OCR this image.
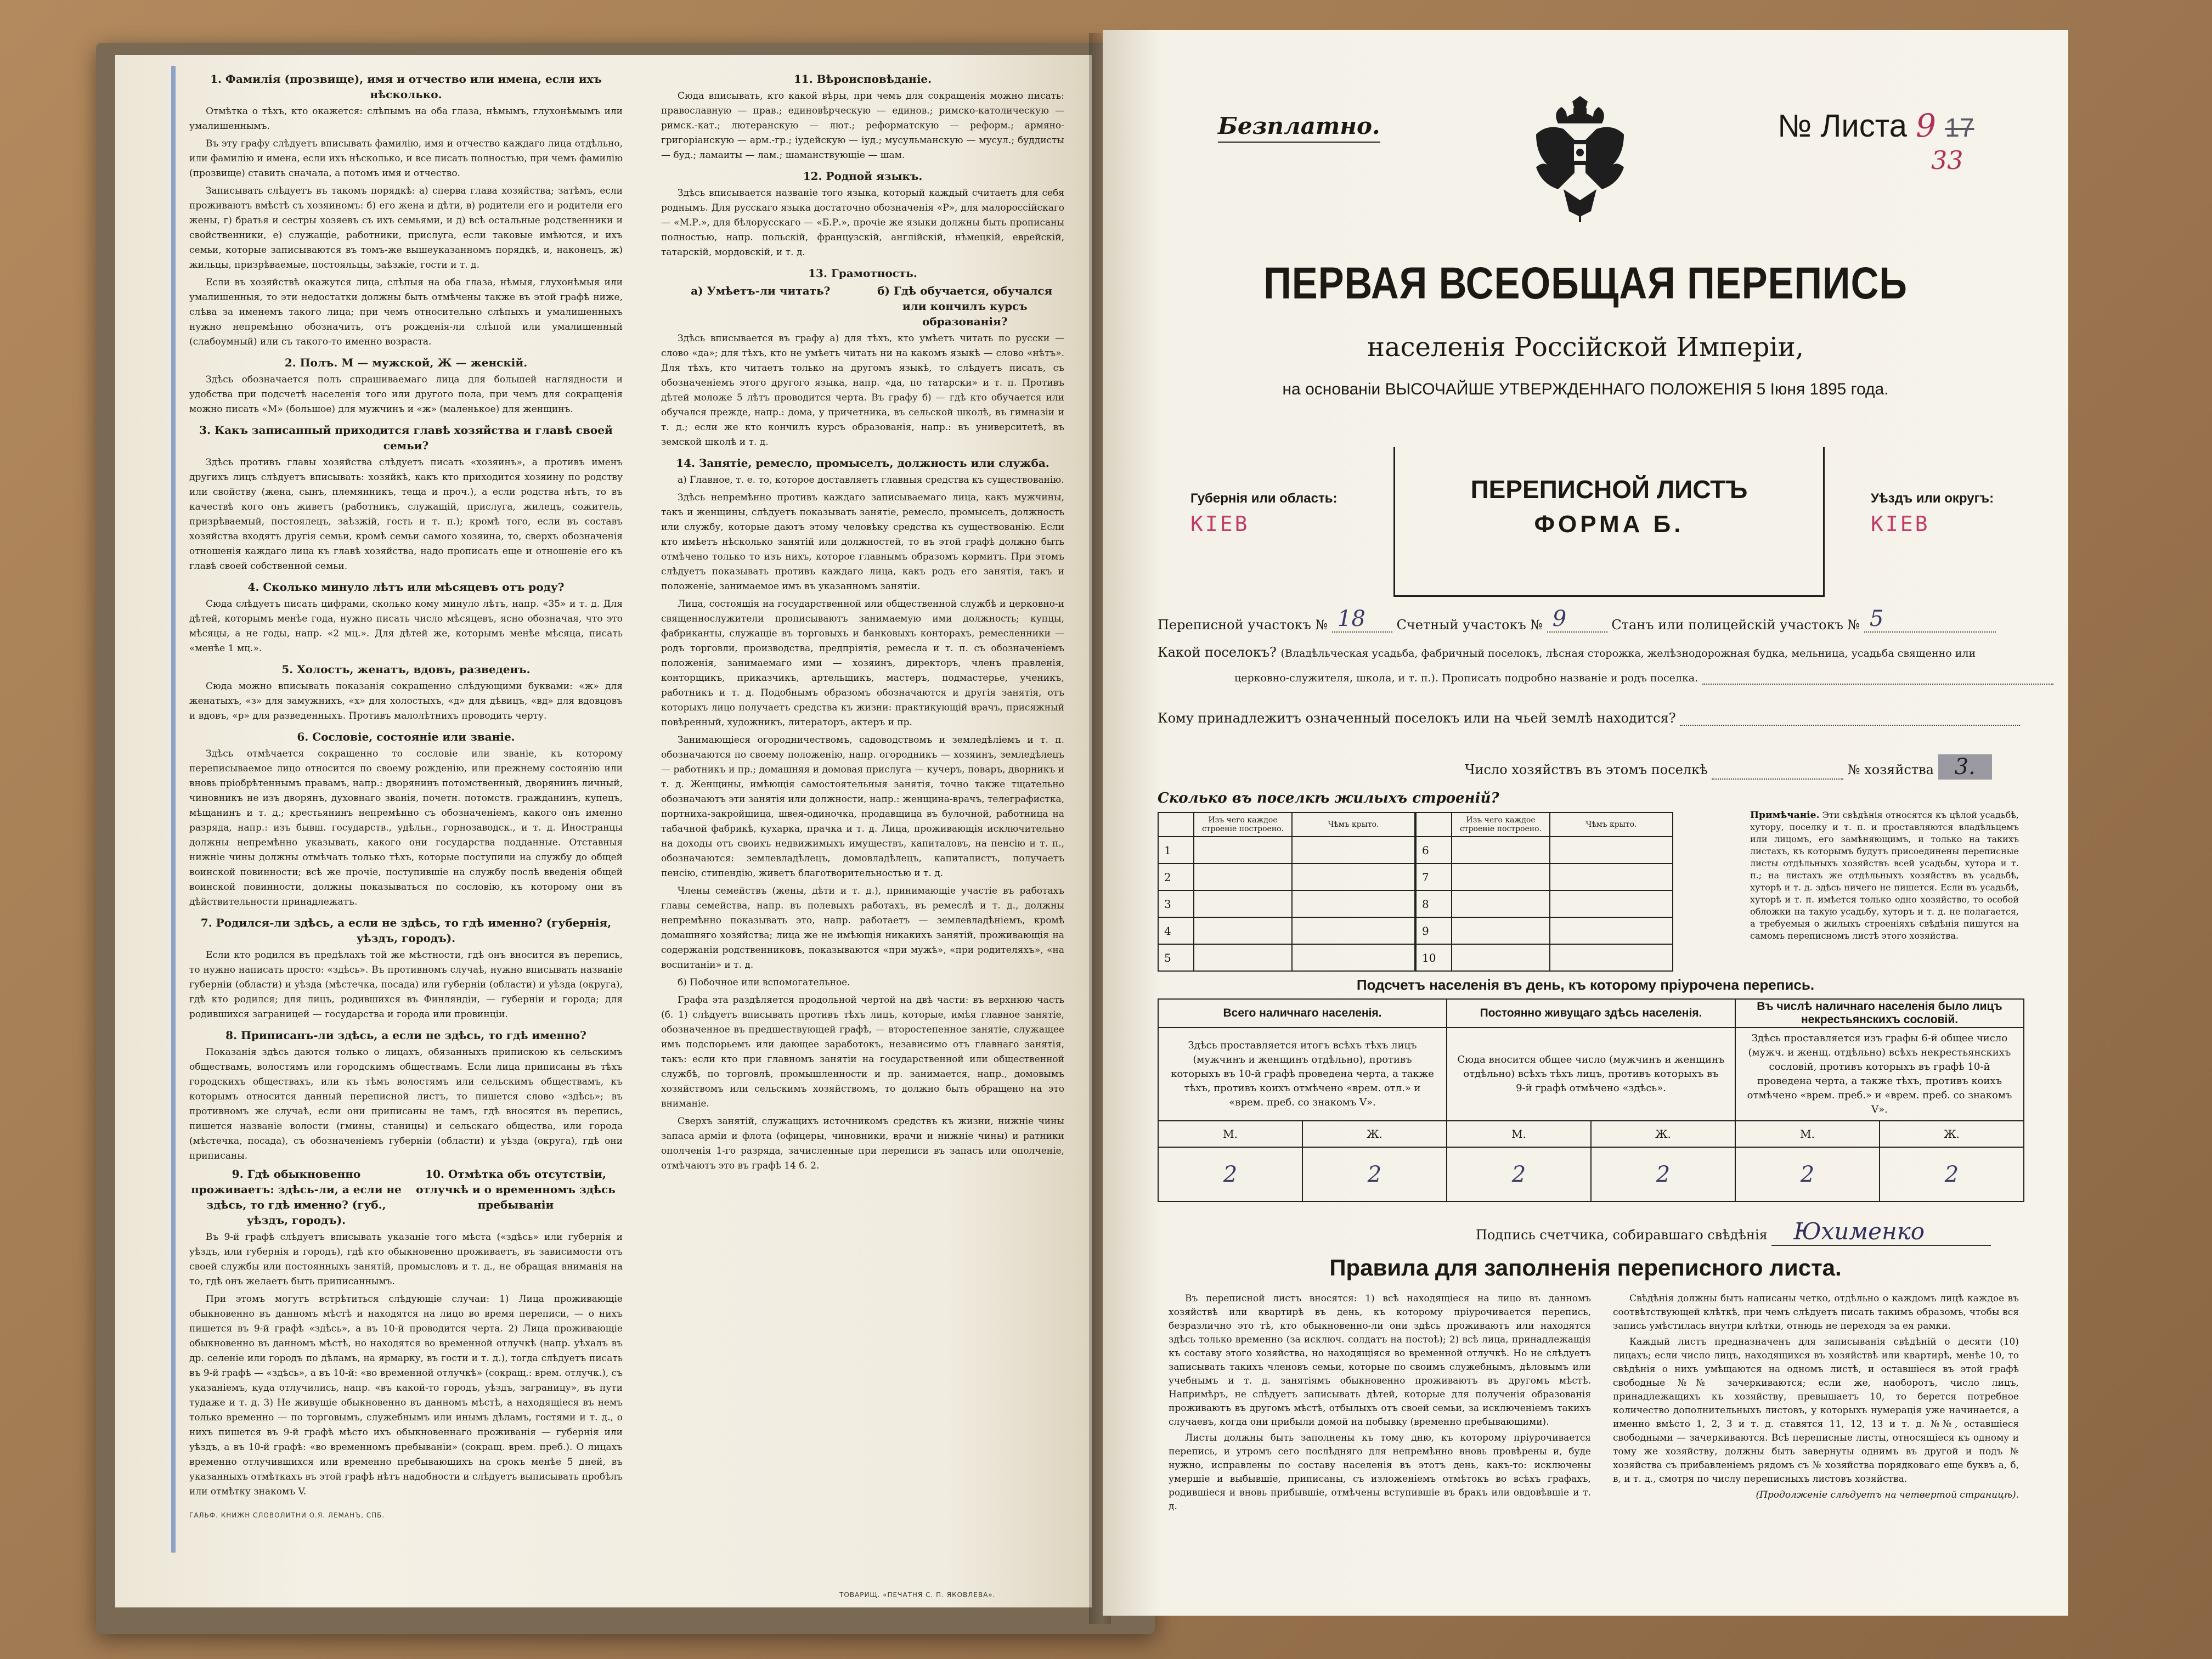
1. Фамилія (прозвище), имя и отчество или имена, если ихъ нѣсколько.

Отмѣтка о тѣхъ, кто окажется: слѣпымъ на оба глаза, нѣмымъ, глухонѣмымъ или умалишеннымъ.

Въ эту графу слѣдуетъ вписывать фамилію, имя и отчество каждаго лица отдѣльно, или фамилію и имена, если ихъ нѣсколько, и все писать полностью, при чемъ фамилію (прозвище) ставить сначала, а потомъ имя и отчество.

Записывать слѣдуетъ въ такомъ порядкѣ: а) сперва глава хозяйства; затѣмъ, если проживаютъ вмѣстѣ съ хозяиномъ: б) его жена и дѣти, в) родители его и родители его жены, г) братья и сестры хозяевъ съ ихъ семьями, и д) всѣ остальные родственники и свойственники, е) служащіе, работники, прислуга, если таковые имѣются, и ихъ семьи, которые записываются въ томъ-же вышеуказанномъ порядкѣ, и, наконецъ, ж) жильцы, призрѣваемые, постояльцы, заѣзжіе, гости и т. д.

Если въ хозяйствѣ окажутся лица, слѣпыя на оба глаза, нѣмыя, глухонѣмыя или умалишенныя, то эти недостатки должны быть отмѣчены также въ этой графѣ ниже, слѣва за именемъ такого лица; при чемъ относительно слѣпыхъ и умалишенныхъ нужно непремѣнно обозначить, отъ рожденія-ли слѣпой или умалишенный (слабоумный) или съ такого-то именно возраста.

2. Полъ. М — мужской, Ж — женскій.

Здѣсь обозначается полъ спрашиваемаго лица для большей наглядности и удобства при подсчетѣ населенія того или другого пола, при чемъ для сокращенія можно писать «М» (большое) для мужчинъ и «ж» (маленькое) для женщинъ.

3. Какъ записанный приходится главѣ хозяйства и главѣ своей семьи?

Здѣсь противъ главы хозяйства слѣдуетъ писать «хозяинъ», а противъ именъ другихъ лицъ слѣдуетъ вписывать: хозяйкѣ, какъ кто приходится хозяину по родству или свойству (жена, сынъ, племянникъ, теща и проч.), а если родства нѣтъ, то въ качествѣ кого онъ живетъ (работникъ, служащій, прислуга, жилецъ, сожитель, призрѣваемый, постоялецъ, заѣзжій, гость и т. п.); кромѣ того, если въ составъ хозяйства входятъ другія семьи, кромѣ семьи самого хозяина, то, сверхъ обозначенія отношенія каждаго лица къ главѣ хозяйства, надо прописать еще и отношеніе его къ главѣ своей собственной семьи.

4. Сколько минуло лѣтъ или мѣсяцевъ отъ роду?

Сюда слѣдуетъ писать цифрами, сколько кому минуло лѣтъ, напр. «35» и т. д. Для дѣтей, которымъ менѣе года, нужно писать число мѣсяцевъ, ясно обозначая, что это мѣсяцы, а не годы, напр. «2 мц.». Для дѣтей же, которымъ менѣе мѣсяца, писать «менѣе 1 мц.».

5. Холостъ, женатъ, вдовъ, разведенъ.

Сюда можно вписывать показанія сокращенно слѣдующими буквами: «ж» для женатыхъ, «з» для замужнихъ, «х» для холостыхъ, «д» для дѣвицъ, «вд» для вдовцовъ и вдовъ, «р» для разведенныхъ. Противъ малолѣтнихъ проводить черту.

6. Сословіе, состояніе или званіе.

Здѣсь отмѣчается сокращенно то сословіе или званіе, къ которому переписываемое лицо относится по своему рожденію, или прежнему состоянію или вновь пріобрѣтеннымъ правамъ, напр.: дворянинъ потомственный, дворянинъ личный, чиновникъ не изъ дворянъ, духовнаго званія, почетн. потомств. гражданинъ, купецъ, мѣщанинъ и т. д.; крестьянинъ непремѣнно съ обозначеніемъ, какого онъ именно разряда, напр.: изъ бывш. государств., удѣльн., горнозаводск., и т. д. Иностранцы должны непремѣнно указывать, какого они государства подданные. Отставныя нижніе чины должны отмѣчать только тѣхъ, которые поступили на службу до общей воинской повинности; всѣ же прочіе, поступившіе на службу послѣ введенія общей воинской повинности, должны показываться по сословію, къ которому они въ дѣйствительности принадлежатъ.

7. Родился-ли здѣсь, а если не здѣсь, то гдѣ именно? (губернія, уѣздъ, городъ).

Если кто родился въ предѣлахъ той же мѣстности, гдѣ онъ вносится въ перепись, то нужно написать просто: «здѣсь». Въ противномъ случаѣ, нужно вписывать названіе губерніи (области) и уѣзда (мѣстечка, посада) или губерніи (области) и уѣзда (округа), гдѣ кто родился; для лицъ, родившихся въ Финляндіи, — губерніи и города; для родившихся заграницей — государства и города или провинціи.

8. Приписанъ-ли здѣсь, а если не здѣсь, то гдѣ именно?

Показанія здѣсь даются только о лицахъ, обязанныхъ припискою къ сельскимъ обществамъ, волостямъ или городскимъ обществамъ. Если лица приписаны въ тѣхъ городскихъ обществахъ, или къ тѣмъ волостямъ или сельскимъ обществамъ, къ которымъ относится данный переписной листъ, то пишется слово «здѣсь»; въ противномъ же случаѣ, если они приписаны не тамъ, гдѣ вносятся въ перепись, пишется названіе волости (гмины, станицы) и сельскаго общества, или города (мѣстечка, посада), съ обозначеніемъ губерніи (области) и уѣзда (округа), гдѣ они приписаны.

9. Гдѣ обыкновенно проживаетъ: здѣсь-ли, а если не здѣсь, то гдѣ именно? (губ., уѣздъ, городъ).
10. Отмѣтка объ отсутствіи, отлучкѣ и о временномъ здѣсь пребываніи

Въ 9-й графѣ слѣдуетъ вписывать указаніе того мѣста («здѣсь» или губернія и уѣздъ, или губернія и городъ), гдѣ кто обыкновенно проживаетъ, въ зависимости отъ своей службы или постоянныхъ занятій, промысловъ и т. д., не обращая вниманія на то, гдѣ онъ желаетъ быть приписаннымъ.

При этомъ могутъ встрѣтиться слѣдующіе случаи: 1) Лица проживающіе обыкновенно въ данномъ мѣстѣ и находятся на лицо во время переписи, — о нихъ пишется въ 9-й графѣ «здѣсь», а въ 10-й проводится черта. 2) Лица проживающіе обыкновенно въ данномъ мѣстѣ, но находятся во временной отлучкѣ (напр. уѣхалъ въ др. селеніе или городъ по дѣламъ, на ярмарку, въ гости и т. д.), тогда слѣдуетъ писать въ 9-й графѣ — «здѣсь», а въ 10-й: «во временной отлучкѣ» (сокращ.: врем. отлучк.), съ указаніемъ, куда отлучились, напр. «въ какой-то городъ, уѣздъ, заграницу», въ пути тудаже и т. д. 3) Не живущіе обыкновенно въ данномъ мѣстѣ, а находящіеся въ немъ только временно — по торговымъ, служебнымъ или инымъ дѣламъ, гостями и т. д., о нихъ пишется въ 9-й графѣ мѣсто ихъ обыкновеннаго проживанія — губернія или уѣздъ, а въ 10-й графѣ: «во временномъ пребываніи» (сокращ. врем. преб.). О лицахъ временно отлучившихся или временно пребывающихъ на срокъ менѣе 5 дней, въ указанныхъ отмѣткахъ въ этой графѣ нѣтъ надобности и слѣдуетъ выписывать пробѣлъ или отмѣтку знакомъ V.

11. Вѣроисповѣданіе.

Сюда вписывать, кто какой вѣры, при чемъ для сокращенія можно писать: православную — прав.; единовѣрческую — единов.; римско-католическую — римск.-кат.; лютеранскую — лют.; реформатскую — реформ.; армяно-григоріанскую — арм.-гр.; іудейскую — іуд.; мусульманскую — мусул.; буддисты — буд.; ламаиты — лам.; шаманствующіе — шам.

12. Родной языкъ.

Здѣсь вписывается названіе того языка, который каждый считаетъ для себя роднымъ. Для русскаго языка достаточно обозначенія «Р», для малороссійскаго — «М.Р.», для бѣлорусскаго — «Б.Р.», прочіе же языки должны быть прописаны полностью, напр. польскій, французскій, англійскій, нѣмецкій, еврейскій, татарскій, мордовскій, и т. д.

13. Грамотность.
а) Умѣетъ-ли читать?	б) Гдѣ обучается, обучался или кончилъ курсъ образованія?

Здѣсь вписывается въ графу а) для тѣхъ, кто умѣетъ читать по русски — слово «да»; для тѣхъ, кто не умѣетъ читать ни на какомъ языкѣ — слово «нѣтъ». Для тѣхъ, кто читаетъ только на другомъ языкѣ, то слѣдуетъ писать, съ обозначеніемъ этого другого языка, напр. «да, по татарски» и т. п. Противъ дѣтей моложе 5 лѣтъ проводится черта. Въ графу б) — гдѣ кто обучается или обучался прежде, напр.: дома, у причетника, въ сельской школѣ, въ гимназіи и т. д.; если же кто кончилъ курсъ образованія, напр.: въ университетѣ, въ земской школѣ и т. д.

14. Занятіе, ремесло, промыселъ, должность или служба.

а) Главное, т. е. то, которое доставляетъ главныя средства къ существованію.

Здѣсь непремѣнно противъ каждаго записываемаго лица, какъ мужчины, такъ и женщины, слѣдуетъ показывать занятіе, ремесло, промыселъ, должность или службу, которые даютъ этому человѣку средства къ существованію. Если кто имѣетъ нѣсколько занятій или должностей, то въ этой графѣ должно быть отмѣчено только то изъ нихъ, которое главнымъ образомъ кормитъ. При этомъ слѣдуетъ показывать противъ каждаго лица, какъ родъ его занятія, такъ и положеніе, занимаемое имъ въ указанномъ занятіи.

Лица, состоящія на государственной или общественной службѣ и церковно-и священнослужители прописываютъ занимаемую ими должность; купцы, фабриканты, служащіе въ торговыхъ и банковыхъ конторахъ, ремесленники — родъ торговли, производства, предпріятія, ремесла и т. п. съ обозначеніемъ положенія, занимаемаго ими — хозяинъ, директоръ, членъ правленія, конторщикъ, приказчикъ, артельщикъ, мастеръ, подмастерье, ученикъ, работникъ и т. д. Подобнымъ образомъ обозначаются и другія занятія, отъ которыхъ лицо получаетъ средства къ жизни: практикующій врачъ, присяжный повѣренный, художникъ, литераторъ, актеръ и пр.

Занимающіеся огородничествомъ, садоводствомъ и земледѣліемъ и т. п. обозначаются по своему положенію, напр. огородникъ — хозяинъ, земледѣлецъ — работникъ и пр.; домашняя и домовая прислуга — кучеръ, поваръ, дворникъ и т. д. Женщины, имѣющія самостоятельныя занятія, точно также тщательно обозначаютъ эти занятія или должности, напр.: женщина-врачъ, телеграфистка, портниха-закройщица, швея-одиночка, продавщица въ булочной, работница на табачной фабрикѣ, кухарка, прачка и т. д. Лица, проживающія исключительно на доходы отъ своихъ недвижимыхъ имуществъ, капиталовъ, на пенсію и т. п., обозначаются: землевладѣлецъ, домовладѣлецъ, капиталистъ, получаетъ пенсію, стипендію, живетъ благотворительностью и т. д.

Члены семействъ (жены, дѣти и т. д.), принимающіе участіе въ работахъ главы семейства, напр. въ полевыхъ работахъ, въ ремеслѣ и т. д., должны непремѣнно показывать это, напр. работаетъ — землевладѣніемъ, кромѣ домашняго хозяйства; лица же не имѣющія никакихъ занятій, проживающія на содержаніи родственниковъ, показываются «при мужѣ», «при родителяхъ», «на воспитаніи» и т. д.

б) Побочное или вспомогательное.

Графа эта раздѣляется продольной чертой на двѣ части: въ верхнюю часть (б. 1) слѣдуетъ вписывать противъ тѣхъ лицъ, которые, имѣя главное занятіе, обозначенное въ предшествующей графѣ, — второстепенное занятіе, служащее имъ подспорьемъ или дающее заработокъ, независимо отъ главнаго занятія, такъ: если кто при главномъ занятіи на государственной или общественной службѣ, по торговлѣ, промышленности и пр. занимается, напр., домовымъ хозяйствомъ или сельскимъ хозяйствомъ, то должно быть обращено на это вниманіе.

Сверхъ занятій, служащихъ источникомъ средствъ къ жизни, нижніе чины запаса арміи и флота (офицеры, чиновники, врачи и нижніе чины) и ратники ополченія 1-го разряда, зачисленные при переписи въ запасъ или ополченіе, отмѣчаютъ это въ графѣ 14 б. 2.

ГАЛЬФ. КНИЖН СЛОВОЛИТНИ О.Я. ЛЕМАНЪ, СПБ.
ТОВАРИЩ. «ПЕЧАТНЯ С. П. ЯКОВЛЕВА».
Безплатно.	№ Листа 9 17
33
ПЕРВАЯ ВСЕОБЩАЯ ПЕРЕПИСЬ
населенія Россійской Имперіи,
на основаніи ВЫСОЧАЙШЕ УТВЕРЖДЕННАГО ПОЛОЖЕНІЯ 5 Іюня 1895 года.
Губернія или область:
КІЕВ
ПЕРЕПИСНОЙ ЛИСТЪ
ФОРМА Б.
Уѣздъ или округъ:
КІЕВ
Переписной участокъ № 18 Счетный участокъ № 9	Станъ или полицейскій участокъ № 5
Какой поселокъ? (Владѣльческая усадьба, фабричный поселокъ, лѣсная сторожка, желѣзнодорожная будка, мельница, усадьба священно или
церковно-служителя, школа, и т. п.). Прописать подробно названіе и родъ поселка.
Кому принадлежитъ означенный поселокъ или на чьей землѣ находится?
Число хозяйствъ въ этомъ поселкѣ	№ хозяйства 3.
Сколько въ поселкѣ жилыхъ строеній?
	Изъ чего каждое строеніе построено.	Чѣмъ крыто.
1		
2		
3		
4		
5		
	Изъ чего каждое строеніе построено.	Чѣмъ крыто.
6		
7		
8		
9		
10		
Примѣчаніе. Эти свѣдѣнія относятся къ цѣлой усадьбѣ, хутору, поселку и т. п. и проставляются владѣльцемъ или лицомъ, его замѣняющимъ, и только на такихъ листахъ, къ которымъ будутъ присоединены переписные листы отдѣльныхъ хозяйствъ всей усадьбы, хутора и т. п.; на листахъ же отдѣльныхъ хозяйствъ въ усадьбѣ, хуторѣ и т. д. здѣсь ничего не пишется. Если въ усадьбѣ, хуторѣ и т. п. имѣется только одно хозяйство, то особой обложки на такую усадьбу, хуторъ и т. д. не полагается, а требуемыя о жилыхъ строеніяхъ свѣдѣнія пишутся на самомъ переписномъ листѣ этого хозяйства.
Подсчетъ населенія въ день, къ которому пріурочена перепись.
Всего наличнаго населенія.		Постоянно живущаго здѣсь населенія.		Въ числѣ наличнаго населенія было лицъ некрестьянскихъ сословій.	
Здѣсь проставляется итогъ всѣхъ тѣхъ лицъ (мужчинъ и женщинъ отдѣльно), противъ которыхъ въ 10-й графѣ проведена черта, а также тѣхъ, противъ коихъ отмѣчено «врем. отл.» и «врем. преб. со знакомъ V».		Сюда вносится общее число (мужчинъ и женщинъ отдѣльно) всѣхъ тѣхъ лицъ, противъ которыхъ въ 9-й графѣ отмѣчено «здѣсь».		Здѣсь проставляется изъ графы 6-й общее число (мужч. и женщ. отдѣльно) всѣхъ некрестьянскихъ сословій, противъ которыхъ въ графѣ 10-й проведена черта, а также тѣхъ, противъ коихъ отмѣчено «врем. преб.» и «врем. преб. со знакомъ V».	
М.	Ж.	М.	Ж.	М.	Ж.
2	2	2	2	2	2
Подпись счетчика, собиравшаго свѣдѣнія Юхименко
Правила для заполненія переписного листа.

Въ переписной листъ вносятся: 1) всѣ находящіеся на лицо въ данномъ хозяйствѣ или квартирѣ въ день, къ которому пріурочивается перепись, безразлично это тѣ, кто обыкновенно-ли они здѣсь проживаютъ или находятся здѣсь только временно (за исключ. солдатъ на постоѣ); 2) всѣ лица, принадлежащія къ составу этого хозяйства, но находящіяся во временной отлучкѣ. Но не слѣдуетъ записывать такихъ членовъ семьи, которые по своимъ служебнымъ, дѣловымъ или учебнымъ и т. д. занятіямъ обыкновенно проживаютъ въ другомъ мѣстѣ. Напримѣръ, не слѣдуетъ записывать дѣтей, которые для полученія образованія проживаютъ въ другомъ мѣстѣ, отбылыхъ отъ своей семьи, за исключеніемъ такихъ случаевъ, когда они прибыли домой на побывку (временно пребывающими).

Листы должны быть заполнены къ тому дню, къ которому пріурочивается перепись, и утромъ сего послѣдняго для непремѣнно вновь провѣрены и, буде нужно, исправлены по составу населенія въ этотъ день, какъ-то: исключены умершіе и выбывшіе, приписаны, съ изложеніемъ отмѣтокъ во всѣхъ графахъ, родившіеся и вновь прибывшіе, отмѣчены вступившіе въ бракъ или овдовѣвшіе и т. д.

Свѣдѣнія должны быть написаны четко, отдѣльно о каждомъ лицѣ каждое въ соотвѣтствующей клѣткѣ, при чемъ слѣдуетъ писать такимъ образомъ, чтобы вся запись умѣстилась внутри клѣтки, отнюдь не переходя за ея рамки.

Каждый листъ предназначенъ для записыванія свѣдѣній о десяти (10) лицахъ; если число лицъ, находящихся въ хозяйствѣ или квартирѣ, менѣе 10, то свѣдѣнія о нихъ умѣщаются на одномъ листѣ, и оставшіеся въ этой графѣ свободные №№ зачеркиваются; если же, наоборотъ, число лицъ, принадлежащихъ къ хозяйству, превышаетъ 10, то берется потребное количество дополнительныхъ листовъ, у которыхъ нумерація уже начинается, а именно вмѣсто 1, 2, 3 и т. д. ставятся 11, 12, 13 и т. д. №№, оставшіеся свободными — зачеркиваются. Всѣ переписные листы, относящіеся къ одному и тому же хозяйству, должны быть завернуты однимъ въ другой и подъ № хозяйства съ прибавленіемъ рядомъ съ № хозяйства порядковаго еще буквъ а, б, в, и т. д., смотря по числу переписныхъ листовъ хозяйства.

(Продолженіе слѣдуетъ на четвертой страницѣ).
